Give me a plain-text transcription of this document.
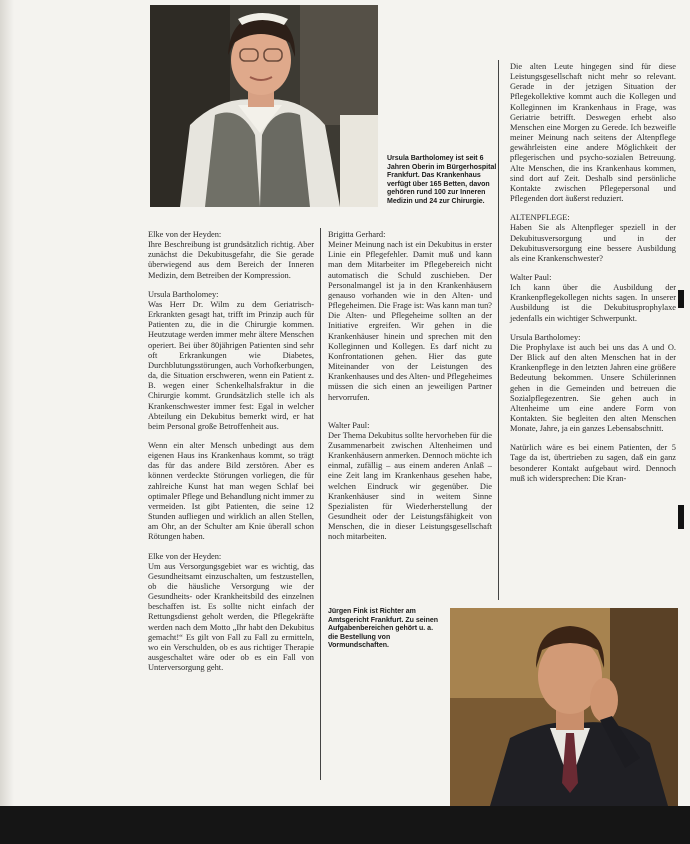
Ursula Bartholomey ist seit 6 Jahren Oberin im Bürgerhospital Frankfurt. Das Krankenhaus verfügt über 165 Betten, davon gehören rund 100 zur Inneren Medizin und 24 zur Chirurgie.

Elke von der Heyden:
Ihre Beschreibung ist grundsätzlich richtig. Aber zunächst die Dekubitusgefahr, die Sie gerade überwiegend aus dem Bereich der Inneren Medizin, dem Betreiben der Kompression.

Ursula Bartholomey:
Was Herr Dr. Wilm zu dem Geriatrisch-Erkrankten gesagt hat, trifft im Prinzip auch für Patienten zu, die in die Chirurgie kommen. Heutzutage werden immer mehr ältere Menschen operiert. Bei über 80jährigen Patienten sind sehr oft Erkrankungen wie Diabetes, Durchblutungsstörungen, auch Vorhofkerbungen, da, die Situation erschweren, wenn ein Patient z. B. wegen einer Schenkelhalsfraktur in die Chirurgie kommt. Grundsätzlich stelle ich als Krankenschwester immer fest: Egal in welcher Abteilung ein Dekubitus bemerkt wird, er hat beim Personal große Betroffenheit aus.

Wenn ein alter Mensch unbedingt aus dem eigenen Haus ins Krankenhaus kommt, so trägt das für das andere Bild zerstören. Aber es können verdeckte Störungen vorliegen, die für zahlreiche Kunst hat man wegen Schlaf bei optimaler Pflege und Behandlung nicht immer zu vermeiden. Ist gibt Patienten, die seine 12 Stunden aufliegen und wirklich an allen Stellen, am Ohr, an der Schulter am Knie überall schon Rötungen haben.

Elke von der Heyden:
Um aus Versorgungsgebiet war es wichtig, das Gesundheitsamt einzuschalten, um festzustellen, ob die häusliche Versorgung wie der Gesundheits- oder Krankheitsbild des einzelnen beschaffen ist. Es sollte nicht einfach der Rettungsdienst geholt werden, die Pflegekräfte werden nach dem Motto „Ihr habt den Dekubitus gemacht!“ Es gilt von Fall zu Fall zu ermitteln, wo ein Verschulden, ob es aus richtiger Therapie ausgeschaltet wäre oder ob es ein Fall von Unterversorgung geht.

Brigitta Gerhard:
Meiner Meinung nach ist ein Dekubitus in erster Linie ein Pflegefehler. Damit muß und kann man dem Mitarbeiter im Pflegebereich nicht automatisch die Schuld zuschieben. Der Personalmangel ist ja in den Krankenhäusern genauso vorhanden wie in den Alten- und Pflegeheimen. Die Frage ist: Was kann man tun? Die Alten- und Pflegeheime sollten an der Initiative ergreifen. Wir gehen in die Krankenhäuser hinein und sprechen mit den Kolleginnen und Kollegen. Es darf nicht zu Konfrontationen gehen. Hier das gute Miteinander von der Leistungen des Krankenhauses und des Alten- und Pflegeheimes müssen die sich einen an jeweiligen Partner hervorrufen.

Walter Paul:
Der Thema Dekubitus sollte hervorheben für die Zusammenarbeit zwischen Altenheimen und Krankenhäusern anmerken. Dennoch möchte ich einmal, zufällig – aus einem anderen Anlaß – eine Zeit lang im Krankenhaus gesehen habe, welchen Eindruck wir gegenüber. Die Krankenhäuser sind in weitem Sinne Spezialisten für Wiederherstellung der Gesundheit oder der Leistungsfähigkeit von Menschen, die in dieser Leistungsgesellschaft noch mitarbeiten.

Jürgen Fink ist Richter am Amtsgericht Frankfurt. Zu seinen Aufgabenbereichen gehört u. a. die Bestellung von Vormundschaften.

Die alten Leute hingegen sind für diese Leistungsgesellschaft nicht mehr so relevant. Gerade in der jetzigen Situation der Pflegekollektive kommt auch die Kollegen und Kolleginnen im Krankenhaus in Frage, was Geriatrie betrifft. Deswegen erhebt also Menschen eine Morgen zu Gerede. Ich bezweifle meiner Meinung nach seitens der Altenpflege gewährleisten eine andere Möglichkeit der pflegerischen und psycho-sozialen Betreuung. Alte Menschen, die ins Krankenhaus kommen, sind dort auf Zeit. Deshalb sind persönliche Kontakte zwischen Pflegepersonal und Pflegenden dort äußerst reduziert.

ALTENPFLEGE:
Haben Sie als Altenpfleger speziell in der Dekubitusversorgung und in der Dekubitusversorgung eine bessere Ausbildung als eine Krankenschwester?

Walter Paul:
Ich kann über die Ausbildung der Krankenpflegekollegen nichts sagen. In unserer Ausbildung ist die Dekubitusprophylaxe jedenfalls ein wichtiger Schwerpunkt.

Ursula Bartholomey:
Die Prophylaxe ist auch bei uns das A und O. Der Blick auf den alten Menschen hat in der Krankenpflege in den letzten Jahren eine größere Bedeutung bekommen. Unsere Schülerinnen gehen in die Gemeinden und betreuen die Sozialpflegezentren. Sie gehen auch in Altenheime um eine andere Form von Kontakten. Sie begleiten den alten Menschen Monate, Jahre, ja ein ganzes Lebensabschnitt.

Natürlich wäre es bei einem Patienten, der 5 Tage da ist, übertrieben zu sagen, daß ein ganz besonderer Kontakt aufgebaut wird. Dennoch muß ich widersprechen: Die Kran-
